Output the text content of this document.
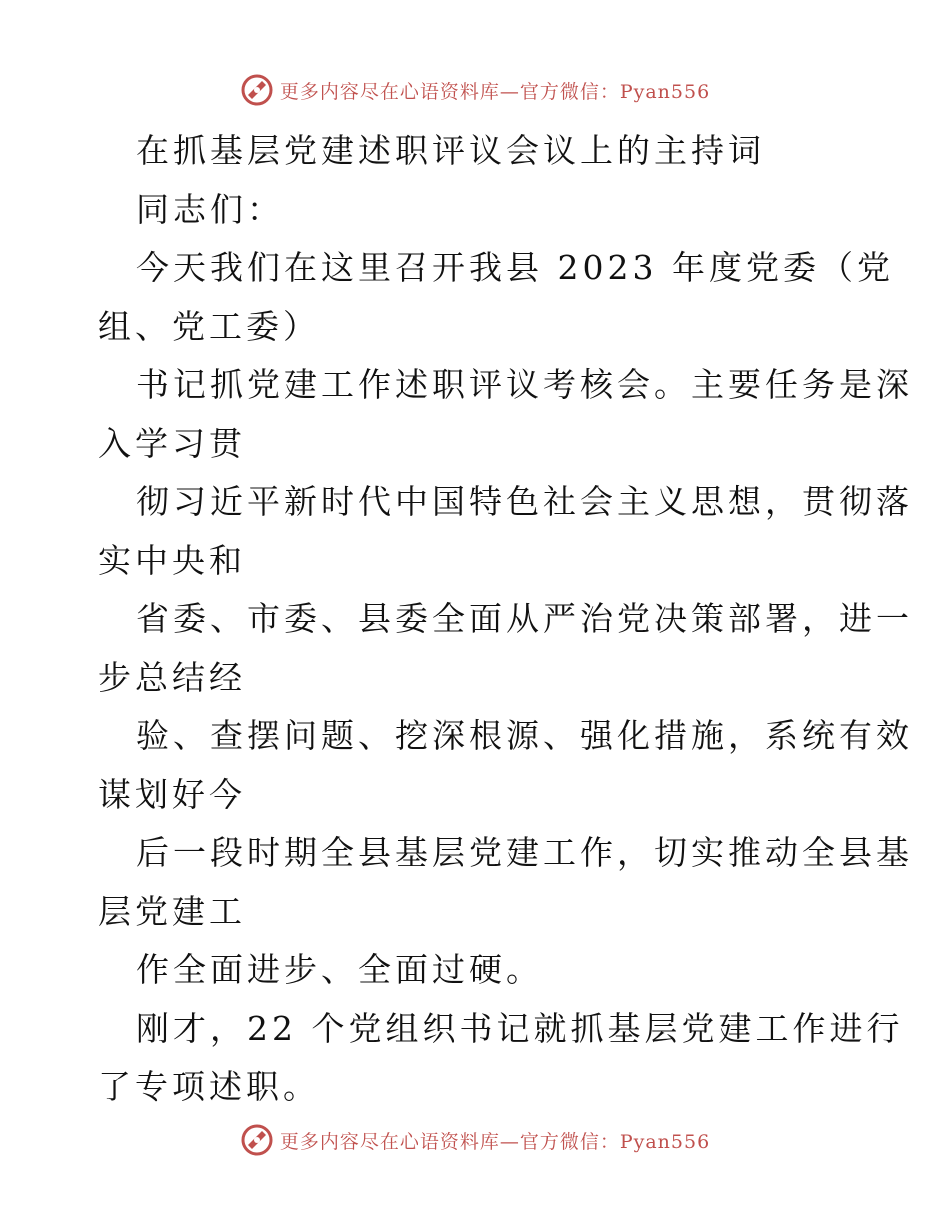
更多内容尽在心语资料库—官方微信：Pyan556
在抓基层党建述职评议会议上的主持词
同志们：
今天我们在这里召开我县 2023 年度党委（党
组、党工委）
书记抓党建工作述职评议考核会。主要任务是深
入学习贯
彻习近平新时代中国特色社会主义思想，贯彻落
实中央和
省委、市委、县委全面从严治党决策部署，进一
步总结经
验、查摆问题、挖深根源、强化措施，系统有效
谋划好今
后一段时期全县基层党建工作，切实推动全县基
层党建工
作全面进步、全面过硬。
刚才，22 个党组织书记就抓基层党建工作进行
了专项述职。
更多内容尽在心语资料库—官方微信：Pyan556
